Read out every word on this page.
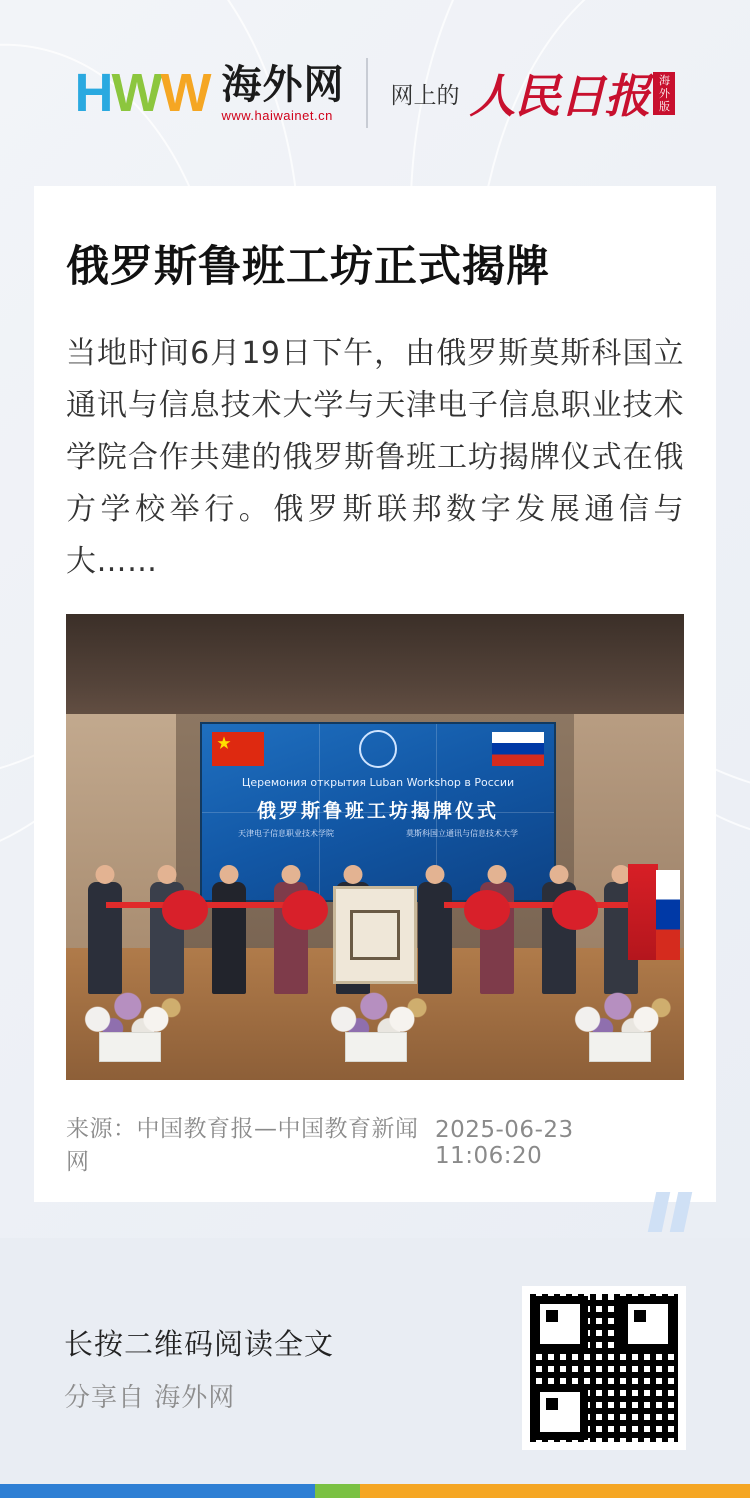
H W W 海外网
www.haiwainet.cn
网上的 人民日报 海外版
俄罗斯鲁班工坊正式揭牌

当地时间6月19日下午，由俄罗斯莫斯科国立通讯与信息技术大学与天津电子信息职业技术学院合作共建的俄罗斯鲁班工坊揭牌仪式在俄方学校举行。俄罗斯联邦数字发展通信与大……

★
Церемония открытия Luban Workshop в России
俄罗斯鲁班工坊揭牌仪式
天津电子信息职业技术学院	莫斯科国立通讯与信息技术大学
来源：中国教育报—中国教育新闻网
2025-06-23 11:06:20
长按二维码阅读全文
分享自 海外网
